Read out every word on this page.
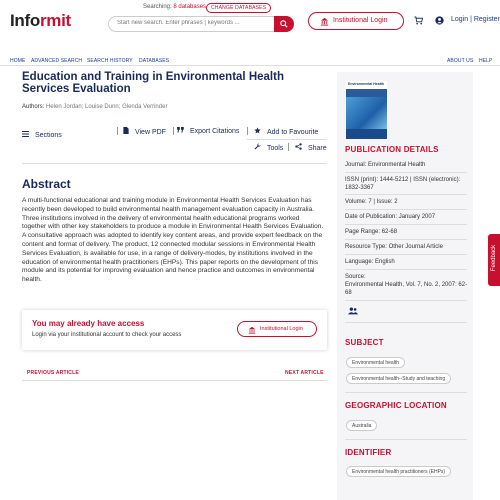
Informit
Searching: 8 databases CHANGE DATABASES
Start new search. Enter phrases | keywords ...
Institutional Login	Login | Register
HOME ADVANCED SEARCH SEARCH HISTORY DATABASES	ABOUT US HELP
Education and Training in Environmental Health Services Evaluation
Authors: Helen Jordan; Louise Dunn; Glenda Verrinder
Sections	View PDF	Export Citations	Add to Favourite
Tools	Share
Abstract
A multi-functional educational and training module in Environmental Health Services Evaluation has recently been developed to build environmental health management evaluation capacity in Australia. Three institutions involved in the delivery of environmental health educational programs worked together with other key stakeholders to produce a module in Environmental Health Services Evaluation. A consultative approach was adopted to identify key content areas, and provide expert feedback on the content and format of delivery. The product, 12 connected modular sessions in Environmental Health Services Evaluation, is available for use, in a range of delivery-modes, by institutions involved in the education of environmental health practitioners (EHPs). This paper reports on the development of this module and its potential for improving evaluation and hence practice and outcomes in environmental health.
You may already have access
Login via your institutional account to check your access
Institutional Login
PREVIOUS ARTICLE	NEXT ARTICLE
Environmental Health
PUBLICATION DETAILS
Journal: Environmental Health
ISSN (print): 1444-5212 | ISSN (electronic): 1832-3367
Volume: 7 | Issue: 2
Date of Publication: January 2007
Page Range: 62-68
Resource Type: Other Journal Article
Language: English
Source:
Environmental Health, Vol. 7, No. 2, 2007: 62-68
SUBJECT
Environmental health
Environmental health--Study and teaching
GEOGRAPHIC LOCATION
Australia
IDENTIFIER
Environmental health practitioners (EHPs)
Feedback
